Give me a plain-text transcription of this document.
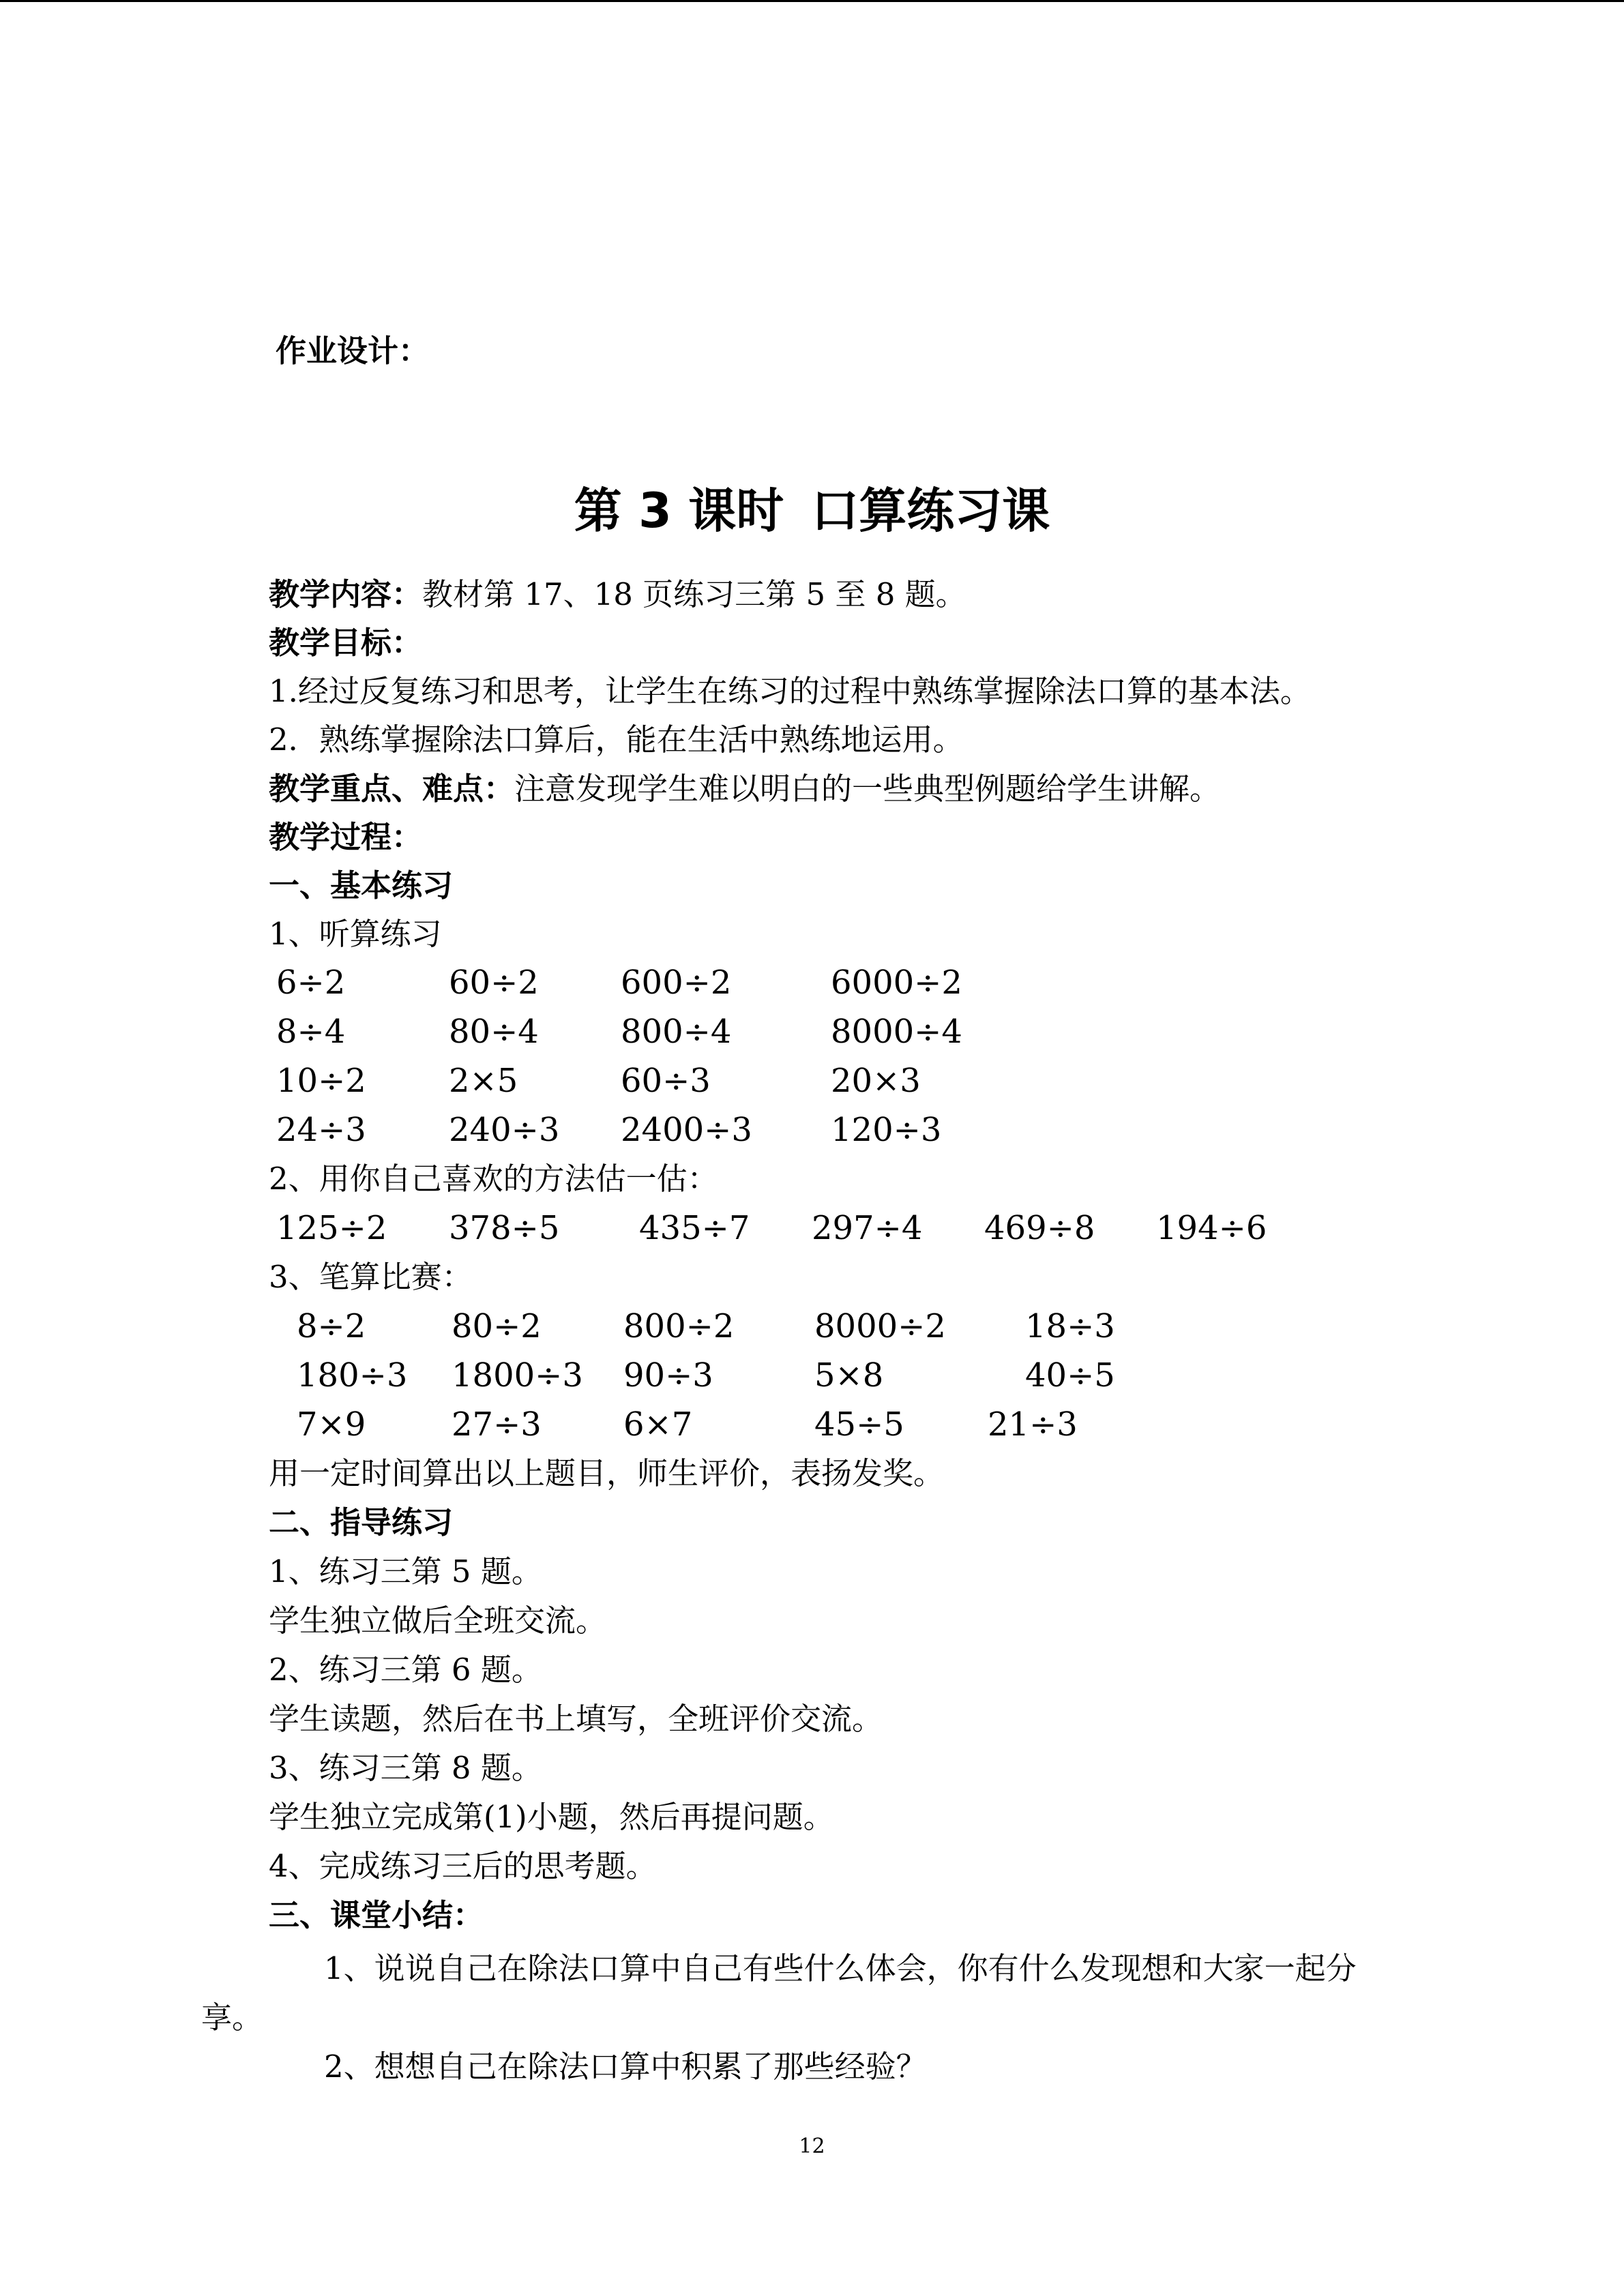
作业设计：
第 3 课时 口算练习课
教学内容：教材第 17、18 页练习三第 5 至 8 题。
教学目标：
1.经过反复练习和思考，让学生在练习的过程中熟练掌握除法口算的基本法。
2．熟练掌握除法口算后，能在生活中熟练地运用。
教学重点、难点：注意发现学生难以明白的一些典型例题给学生讲解。
教学过程：
一、基本练习
1、听算练习
6÷2	60÷2	600÷2	6000÷2
8÷4	80÷4	800÷4	8000÷4
10÷2	2×5	60÷3	20×3
24÷3	240÷3 2400÷3 120÷3
2、用你自己喜欢的方法估一估：
125÷2 378÷5 435÷7 297÷4 469÷8 194÷6
3、笔算比赛：
8÷2	80÷2	800÷2 8000÷2 18÷3
180÷3 1800÷3 90÷3	5×8	40÷5
7×9	27÷3	6×7	45÷5	21÷3
用一定时间算出以上题目，师生评价，表扬发奖。
二、指导练习
1、练习三第 5 题。
学生独立做后全班交流。
2、练习三第 6 题。
学生读题，然后在书上填写，全班评价交流。
3、练习三第 8 题。
学生独立完成第(1)小题，然后再提问题。
4、完成练习三后的思考题。
三、课堂小结：
1、说说自己在除法口算中自己有些什么体会，你有什么发现想和大家一起分
享。
2、想想自己在除法口算中积累了那些经验？
12
